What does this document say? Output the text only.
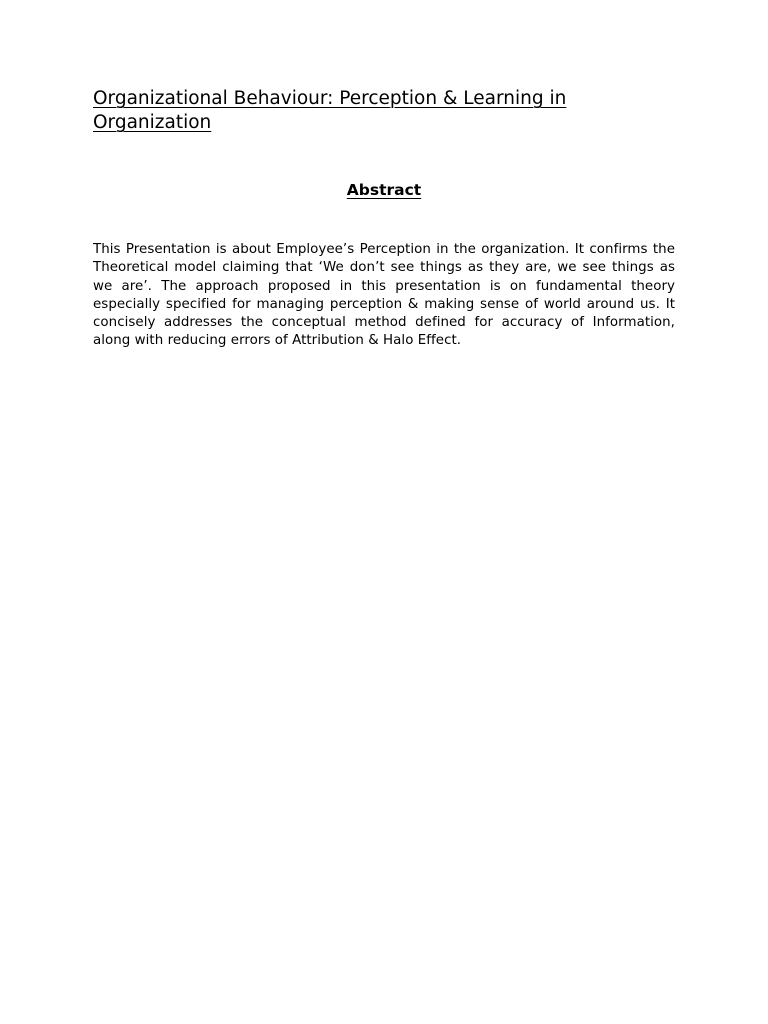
Organizational Behaviour: Perception & Learning in Organization
Abstract

This Presentation is about Employee’s Perception in the organization. It confirms the Theoretical model claiming that ‘We don’t see things as they are, we see things as we are’. The approach proposed in this presentation is on fundamental theory especially specified for managing perception & making sense of world around us. It concisely addresses the conceptual method defined for accuracy of Information, along with reducing errors of Attribution & Halo Effect.
